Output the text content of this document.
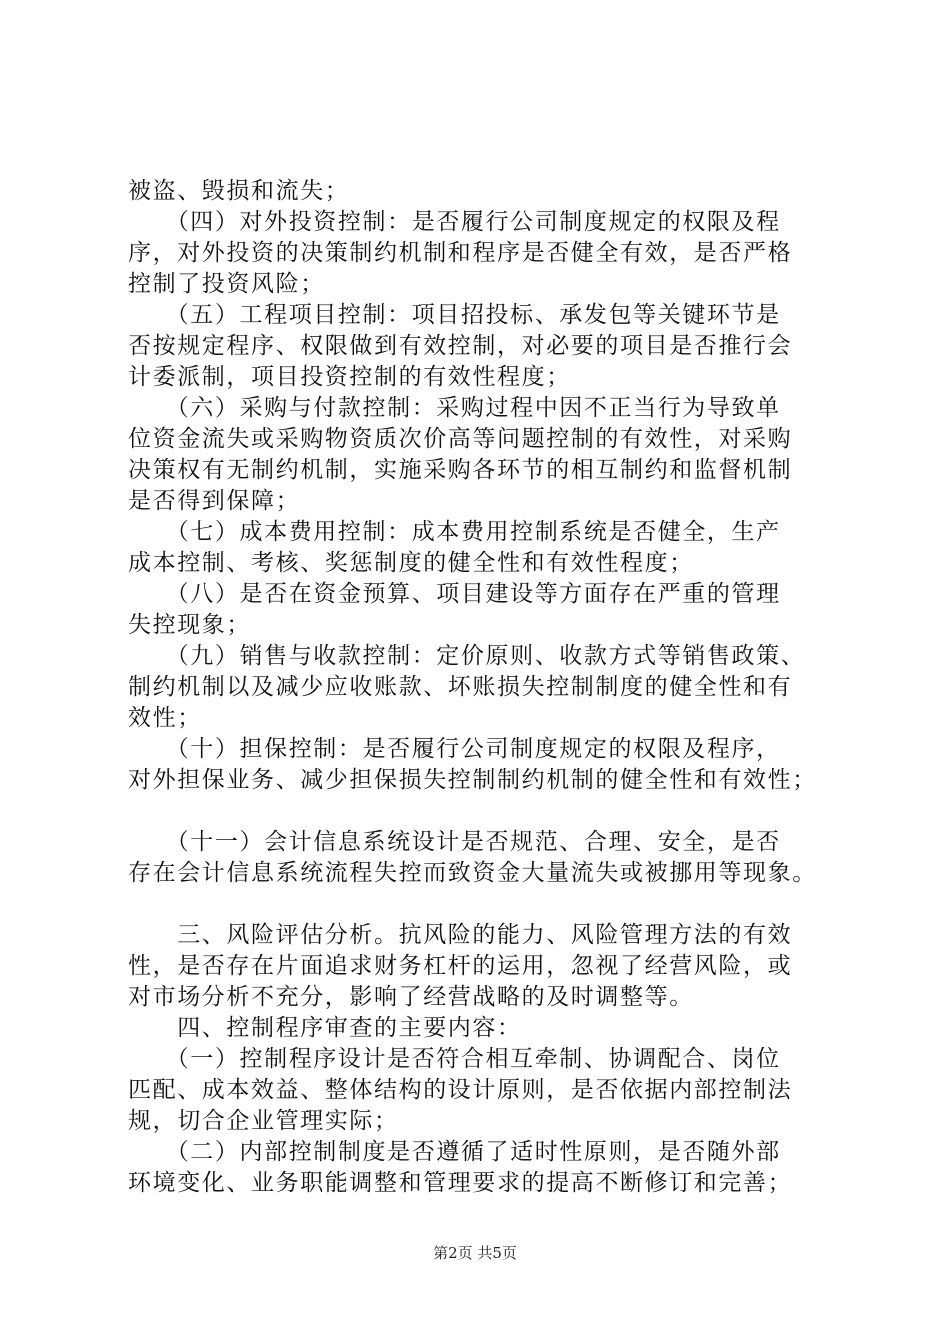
被盗、毁损和流失；
　　（四）对外投资控制：是否履行公司制度规定的权限及程
序，对外投资的决策制约机制和程序是否健全有效，是否严格
控制了投资风险；
　　（五）工程项目控制：项目招投标、承发包等关键环节是
否按规定程序、权限做到有效控制，对必要的项目是否推行会
计委派制，项目投资控制的有效性程度；
　　（六）采购与付款控制：采购过程中因不正当行为导致单
位资金流失或采购物资质次价高等问题控制的有效性，对采购
决策权有无制约机制，实施采购各环节的相互制约和监督机制
是否得到保障；
　　（七）成本费用控制：成本费用控制系统是否健全，生产
成本控制、考核、奖惩制度的健全性和有效性程度；
　　（八）是否在资金预算、项目建设等方面存在严重的管理
失控现象；
　　（九）销售与收款控制：定价原则、收款方式等销售政策、
制约机制以及减少应收账款、坏账损失控制制度的健全性和有
效性；
　　（十）担保控制：是否履行公司制度规定的权限及程序，
对外担保业务、减少担保损失控制制约机制的健全性和有效性；
　　（十一）会计信息系统设计是否规范、合理、安全，是否
存在会计信息系统流程失控而致资金大量流失或被挪用等现象。
　　三、风险评估分析。抗风险的能力、风险管理方法的有效
性，是否存在片面追求财务杠杆的运用，忽视了经营风险，或
对市场分析不充分，影响了经营战略的及时调整等。
　　四、控制程序审查的主要内容：
　　（一）控制程序设计是否符合相互牵制、协调配合、岗位
匹配、成本效益、整体结构的设计原则，是否依据内部控制法
规，切合企业管理实际；
　　（二）内部控制制度是否遵循了适时性原则，是否随外部
环境变化、业务职能调整和管理要求的提高不断修订和完善；
第2页 共5页
